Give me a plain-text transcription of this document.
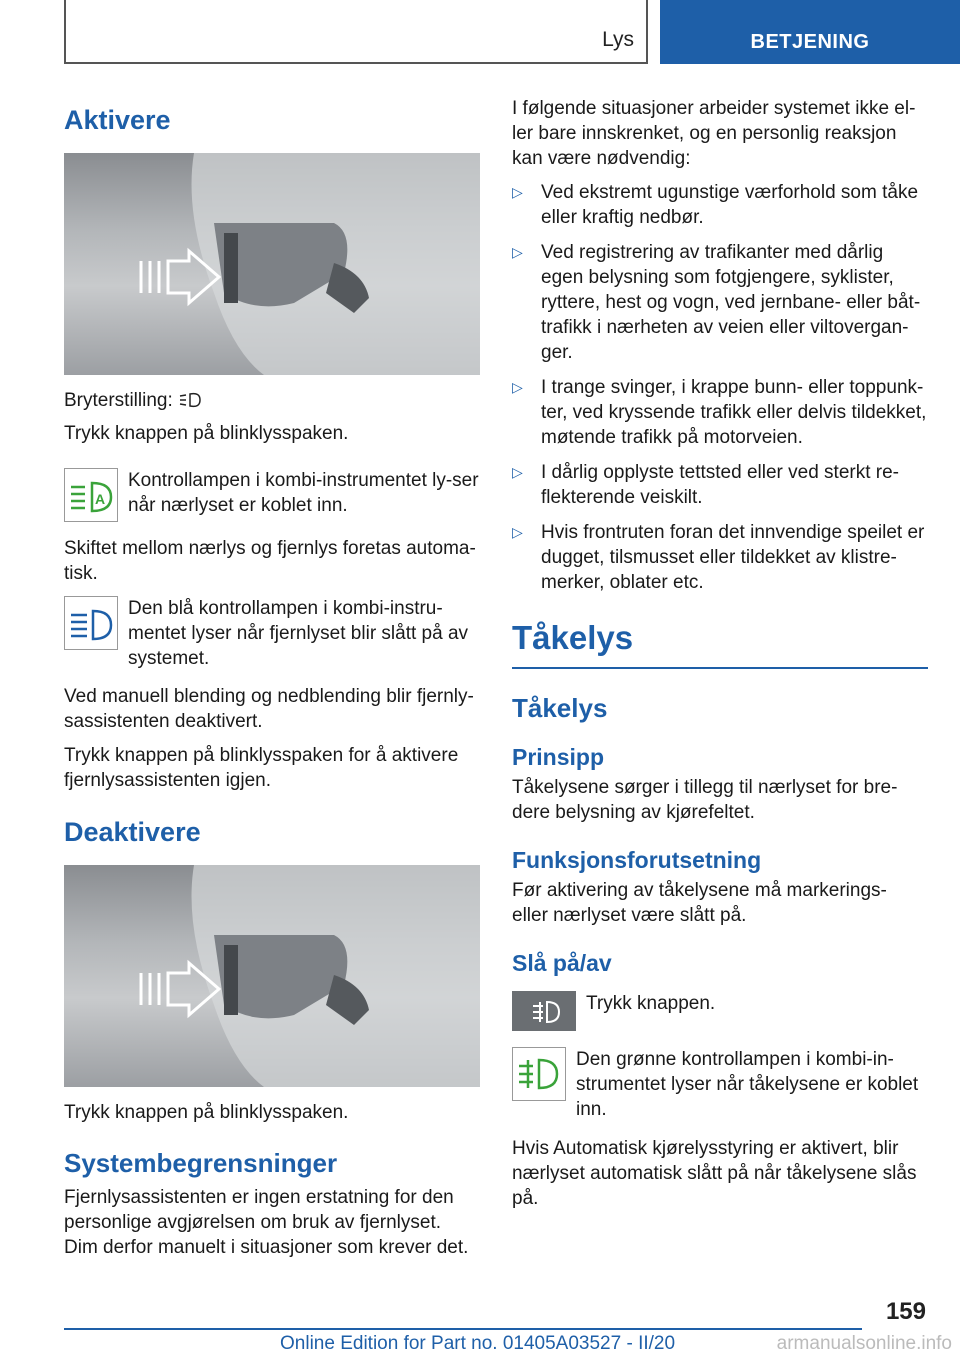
Lys	BETJENING
Aktivere

Bryterstilling:

Trykk knappen på blinklysspaken.

A

Kontrollampen i kombi-instrumentet ly-ser når nærlyset er koblet inn.

Skiftet mellom nærlys og fjernlys foretas automa-tisk.

Den blå kontrollampen i kombi-instru-mentet lyser når fjernlyset blir slått på av systemet.

Ved manuell blending og nedblending blir fjernly-sassistenten deaktivert.

Trykk knappen på blinklysspaken for å aktivere fjernlysassistenten igjen.

Deaktivere

Trykk knappen på blinklysspaken.

Systembegrensninger

Fjernlysassistenten er ingen erstatning for den personlige avgjørelsen om bruk av fjernlyset. Dim derfor manuelt i situasjoner som krever det.

I følgende situasjoner arbeider systemet ikke el-ler bare innskrenket, og en personlig reaksjon kan være nødvendig:

▷ Ved ekstremt ugunstige værforhold som tåke eller kraftig nedbør.
▷ Ved registrering av trafikanter med dårlig egen belysning som fotgjengere, syklister, ryttere, hest og vogn, ved jernbane- eller båt-trafikk i nærheten av veien eller viltovergan-ger.
▷ I trange svinger, i krappe bunn- eller toppunk-ter, ved kryssende trafikk eller delvis tildekket, møtende trafikk på motorveien.
▷ I dårlig opplyste tettsted eller ved sterkt re-flekterende veiskilt.
▷ Hvis frontruten foran det innvendige speilet er dugget, tilsmusset eller tildekket av klistre-merker, oblater etc.
Tåkelys
Tåkelys
Prinsipp

Tåkelysene sørger i tillegg til nærlyset for bre-dere belysning av kjørefeltet.

Funksjonsforutsetning

Før aktivering av tåkelysene må markerings- eller nærlyset være slått på.

Slå på/av

Trykk knappen.

Den grønne kontrollampen i kombi-in-strumentet lyser når tåkelysene er koblet inn.

Hvis Automatisk kjørelysstyring er aktivert, blir nærlyset automatisk slått på når tåkelysene slås på.

159
Online Edition for Part no. 01405A03527 - II/20	armanualsonline.info
